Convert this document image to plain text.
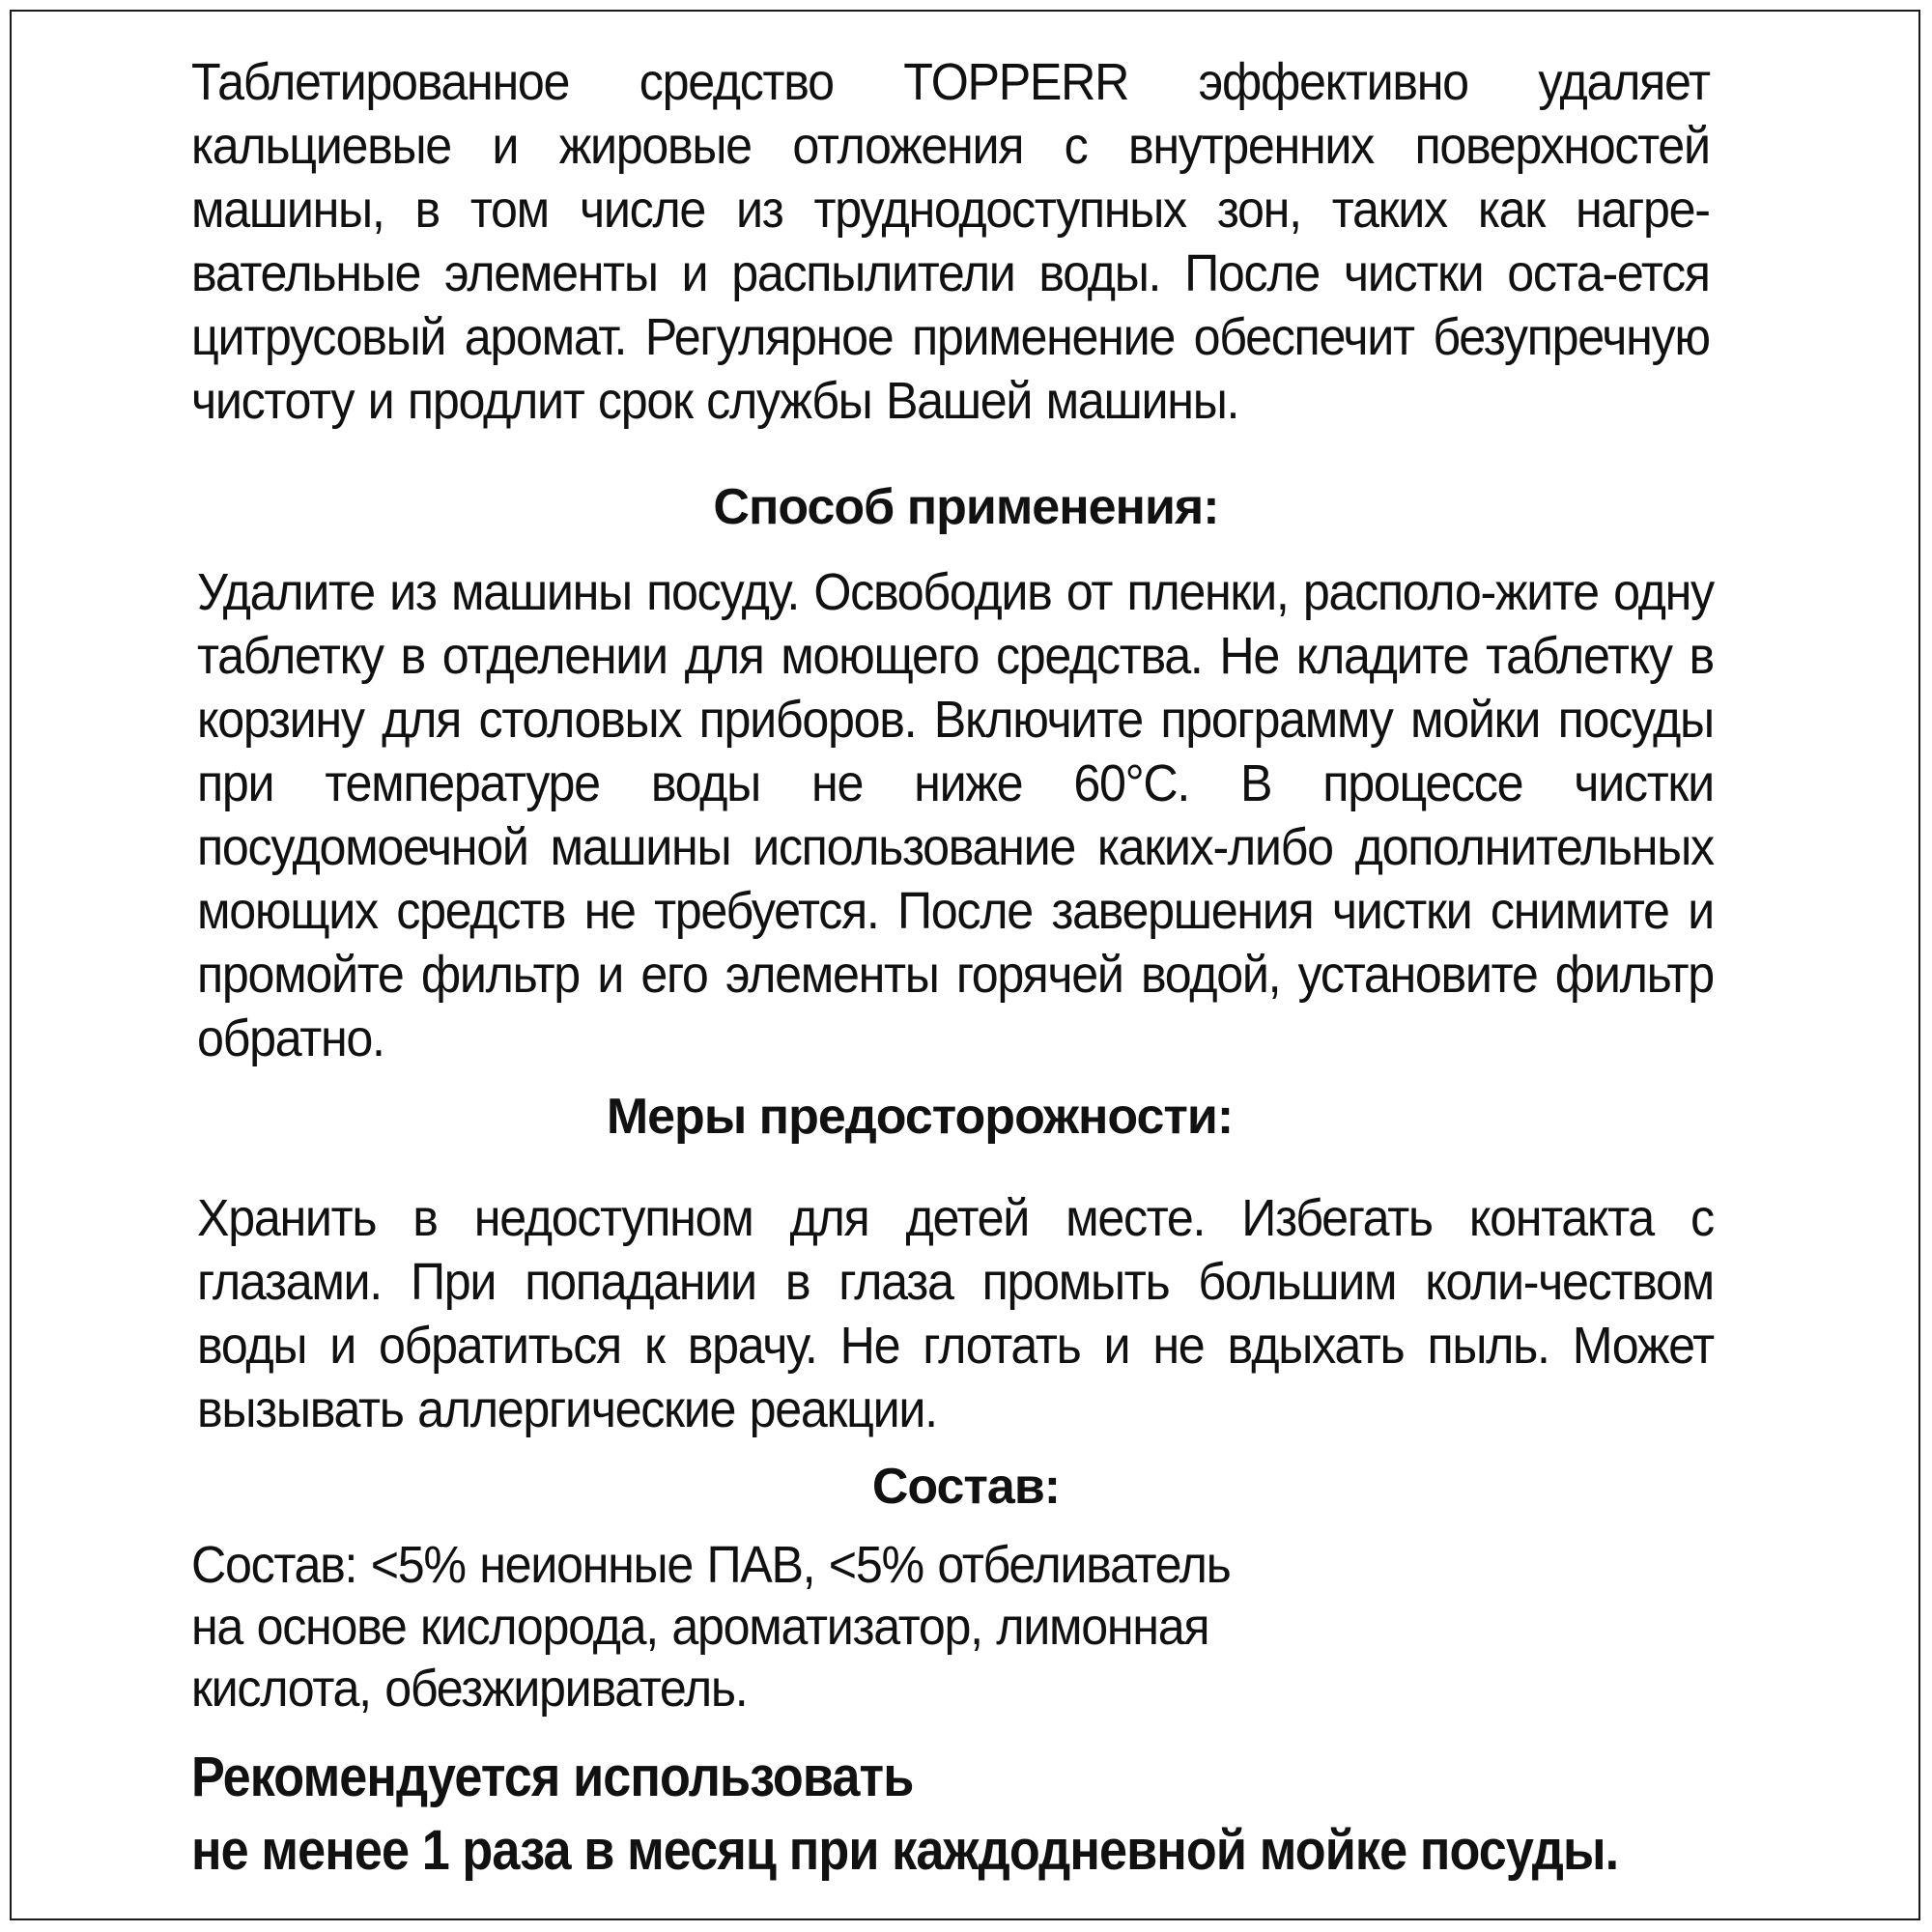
Таблетированное средство TOPPERR эффективно удаляет кальциевые и жировые отложения с внутренних поверхностей машины, в том числе из труднодоступных зон, таких как нагре-вательные элементы и распылители воды. После чистки оста-ется цитрусовый аромат. Регулярное применение обеспечит безупречную чистоту и продлит срок службы Вашей машины.

Способ применения:

Удалите из машины посуду. Освободив от пленки, располо-жите одну таблетку в отделении для моющего средства. Не кладите таблетку в корзину для столовых приборов. Включите программу мойки посуды при температуре воды не ниже 60°С. В процессе чистки посудомоечной машины использование каких-либо дополнительных моющих средств не требуется. После завершения чистки снимите и промойте фильтр и его элементы горячей водой, установите фильтр обратно.

Меры предосторожности:

Хранить в недоступном для детей месте. Избегать контакта с глазами. При попадании в глаза промыть большим коли-чеством воды и обратиться к врачу. Не глотать и не вдыхать пыль. Может вызывать аллергические реакции.

Состав:

Состав: <5% неионные ПАВ, <5% отбеливатель на основе кислорода, ароматизатор, лимонная кислота, обезжириватель.

Рекомендуется использовать
не менее 1 раза в месяц при каждодневной мойке посуды.
